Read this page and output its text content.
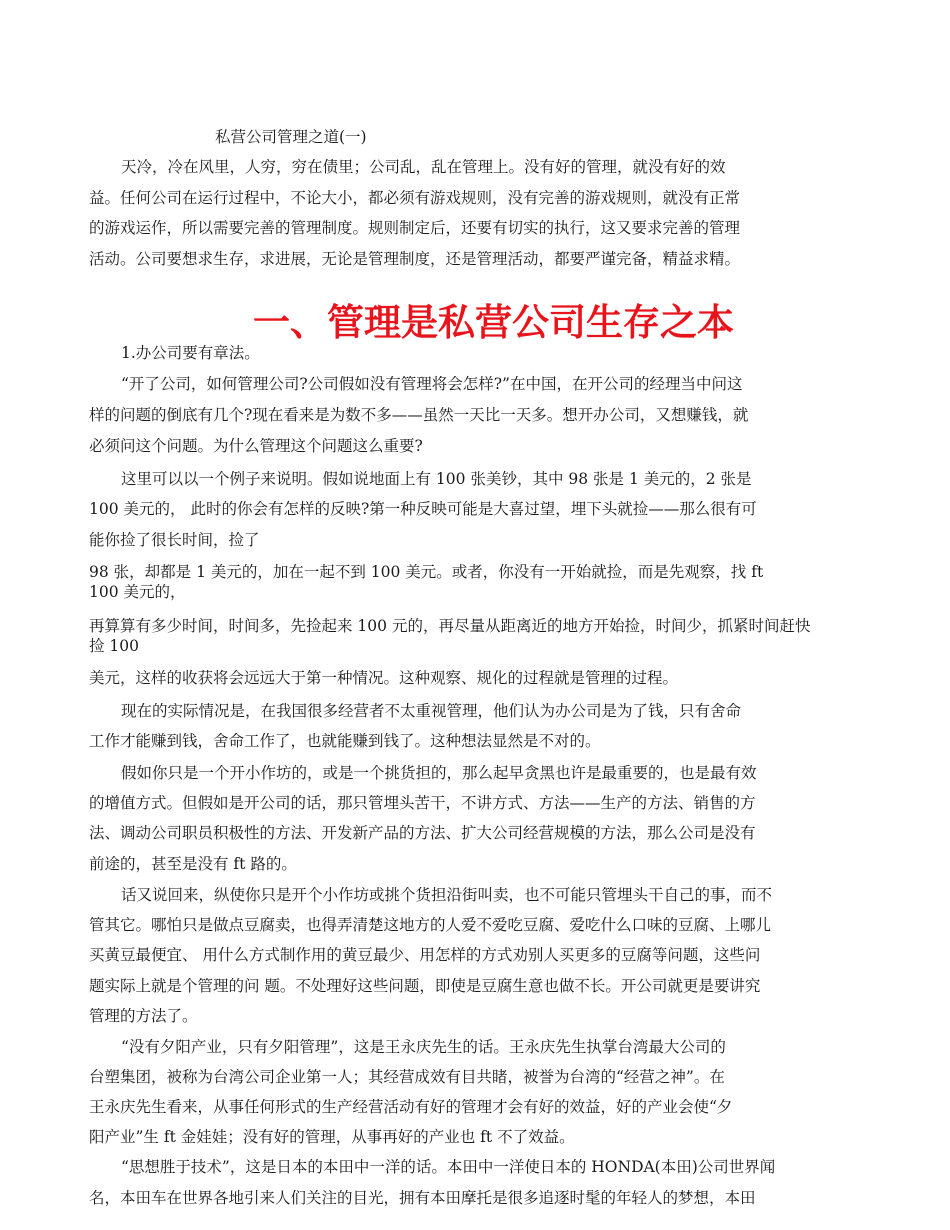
私营公司管理之道(一)
天冷，冷在风里，人穷，穷在债里；公司乱，乱在管理上。没有好的管理，就没有好的效
益。任何公司在运行过程中，不论大小，都必须有游戏规则，没有完善的游戏规则，就没有正常
的游戏运作，所以需要完善的管理制度。规则制定后，还要有切实的执行，这又要求完善的管理
活动。公司要想求生存，求进展，无论是管理制度，还是管理活动，都要严谨完备，精益求精。
一、管理是私营公司生存之本
1.办公司要有章法。
“开了公司，如何管理公司?公司假如没有管理将会怎样?”在中国，在开公司的经理当中问这
样的问题的倒底有几个?现在看来是为数不多——虽然一天比一天多。想开办公司，又想赚钱，就
必须问这个问题。为什么管理这个问题这么重要?
这里可以以一个例子来说明。假如说地面上有 100 张美钞，其中 98 张是 1 美元的，2 张是
100 美元的， 此时的你会有怎样的反映?第一种反映可能是大喜过望，埋下头就捡——那么很有可
能你捡了很长时间，捡了
98 张，却都是 1 美元的，加在一起不到 100 美元。或者，你没有一开始就捡，而是先观察，找 ft
100 美元的，
再算算有多少时间，时间多，先捡起来 100 元的，再尽量从距离近的地方开始捡，时间少，抓紧时间赶快
捡 100
美元，这样的收获将会远远大于第一种情况。这种观察、规化的过程就是管理的过程。
现在的实际情况是，在我国很多经营者不太重视管理，他们认为办公司是为了钱，只有舍命
工作才能赚到钱，舍命工作了，也就能赚到钱了。这种想法显然是不对的。
假如你只是一个开小作坊的，或是一个挑货担的，那么起早贪黑也许是最重要的，也是最有效
的增值方式。但假如是开公司的话，那只管埋头苦干，不讲方式、方法——生产的方法、销售的方
法、调动公司职员积极性的方法、开发新产品的方法、扩大公司经营规模的方法，那么公司是没有
前途的，甚至是没有 ft 路的。
话又说回来，纵使你只是开个小作坊或挑个货担沿街叫卖，也不可能只管埋头干自己的事，而不
管其它。哪怕只是做点豆腐卖，也得弄清楚这地方的人爱不爱吃豆腐、爱吃什么口味的豆腐、上哪儿
买黄豆最便宜、 用什么方式制作用的黄豆最少、用怎样的方式劝别人买更多的豆腐等问题，这些问
题实际上就是个管理的问 题。不处理好这些问题，即使是豆腐生意也做不长。开公司就更是要讲究
管理的方法了。
“没有夕阳产业，只有夕阳管理”，这是王永庆先生的话。王永庆先生执掌台湾最大公司的
台塑集团，被称为台湾公司企业第一人；其经营成效有目共睹，被誉为台湾的“经营之神”。在
王永庆先生看来，从事任何形式的生产经营活动有好的管理才会有好的效益，好的产业会使“夕
阳产业”生 ft 金娃娃；没有好的管理，从事再好的产业也 ft 不了效益。
“思想胜于技术”，这是日本的本田中一洋的话。本田中一洋使日本的 HONDA(本田)公司世界闻
名，本田车在世界各地引来人们关注的目光，拥有本田摩托是很多追逐时髦的年轻人的梦想，本田
